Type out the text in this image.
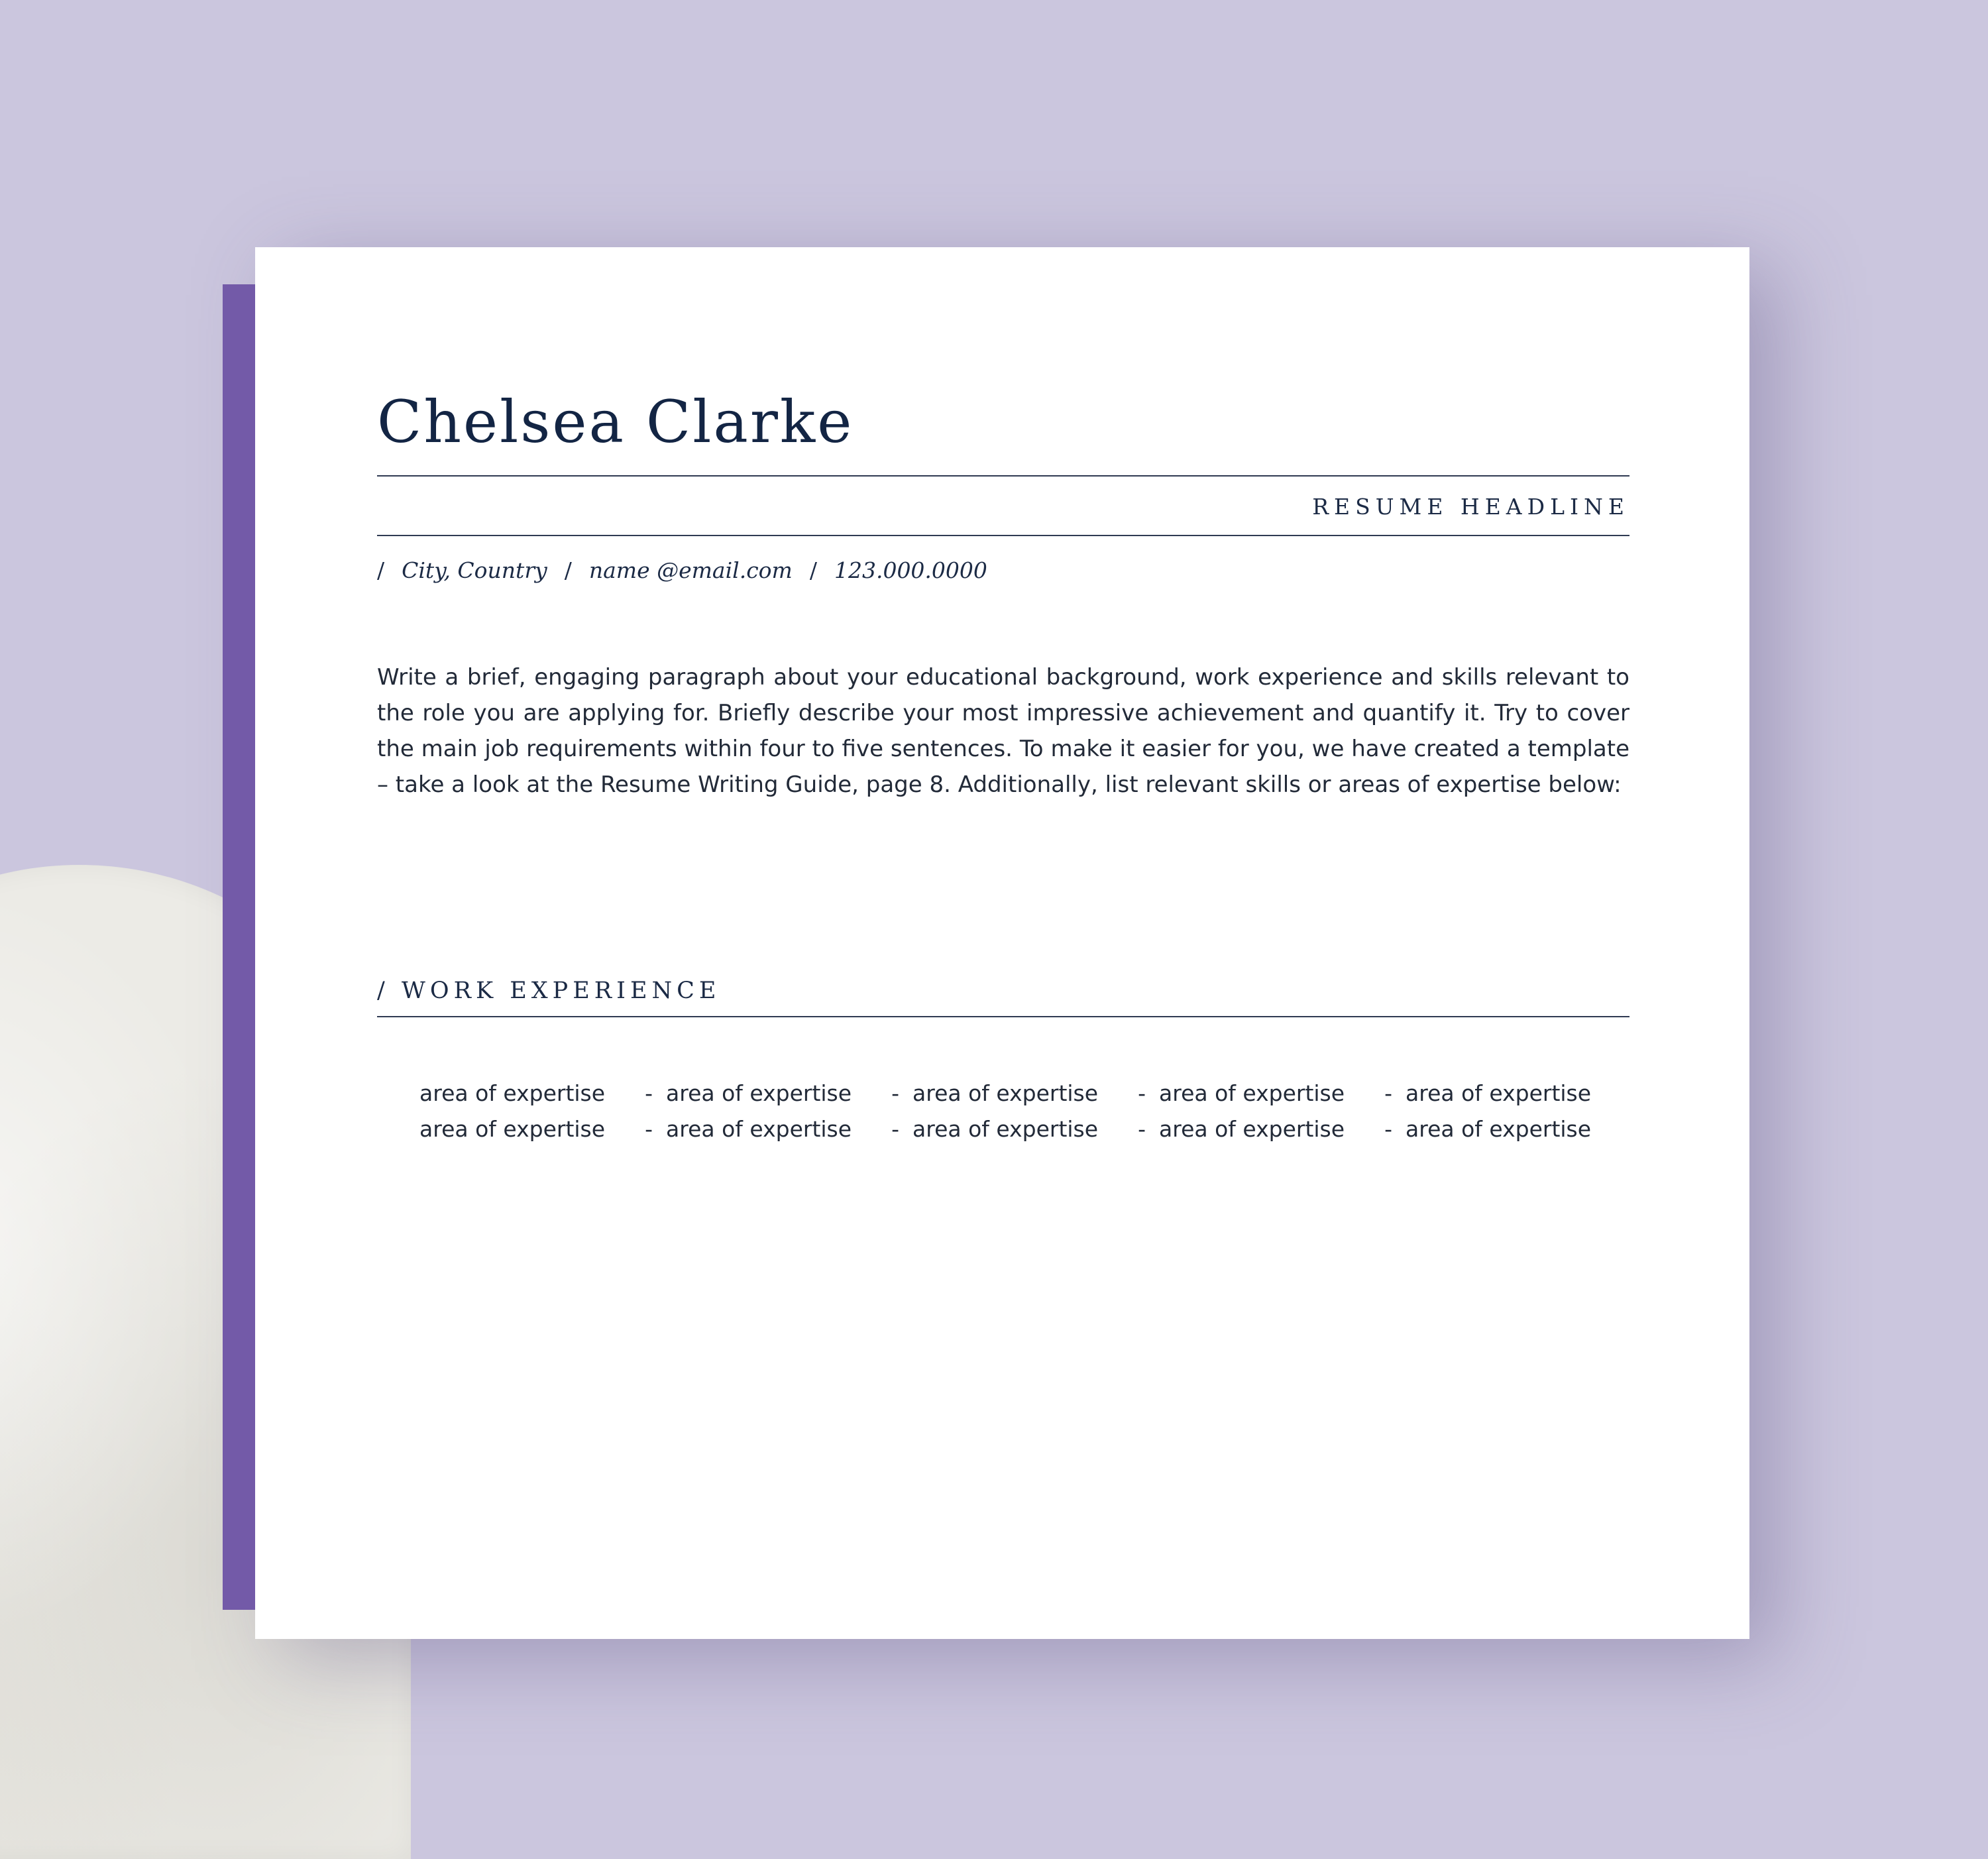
Chelsea Clarke
RESUME HEADLINE
/ City, Country / name @email.com / 123.000.0000

Write a brief, engaging paragraph about your educational background, work experience and skills relevant to the role you are applying for. Briefly describe your most impressive achievement and quantify it. Try to cover the main job requirements within four to five sentences. To make it easier for you, we have created a template – take a look at the Resume Writing Guide, page 8. Additionally, list relevant skills or areas of expertise below:

area of expertise - area of expertise - area of expertise - area of expertise - area of expertise
area of expertise - area of expertise - area of expertise - area of expertise - area of expertise
/ WORK EXPERIENCE
